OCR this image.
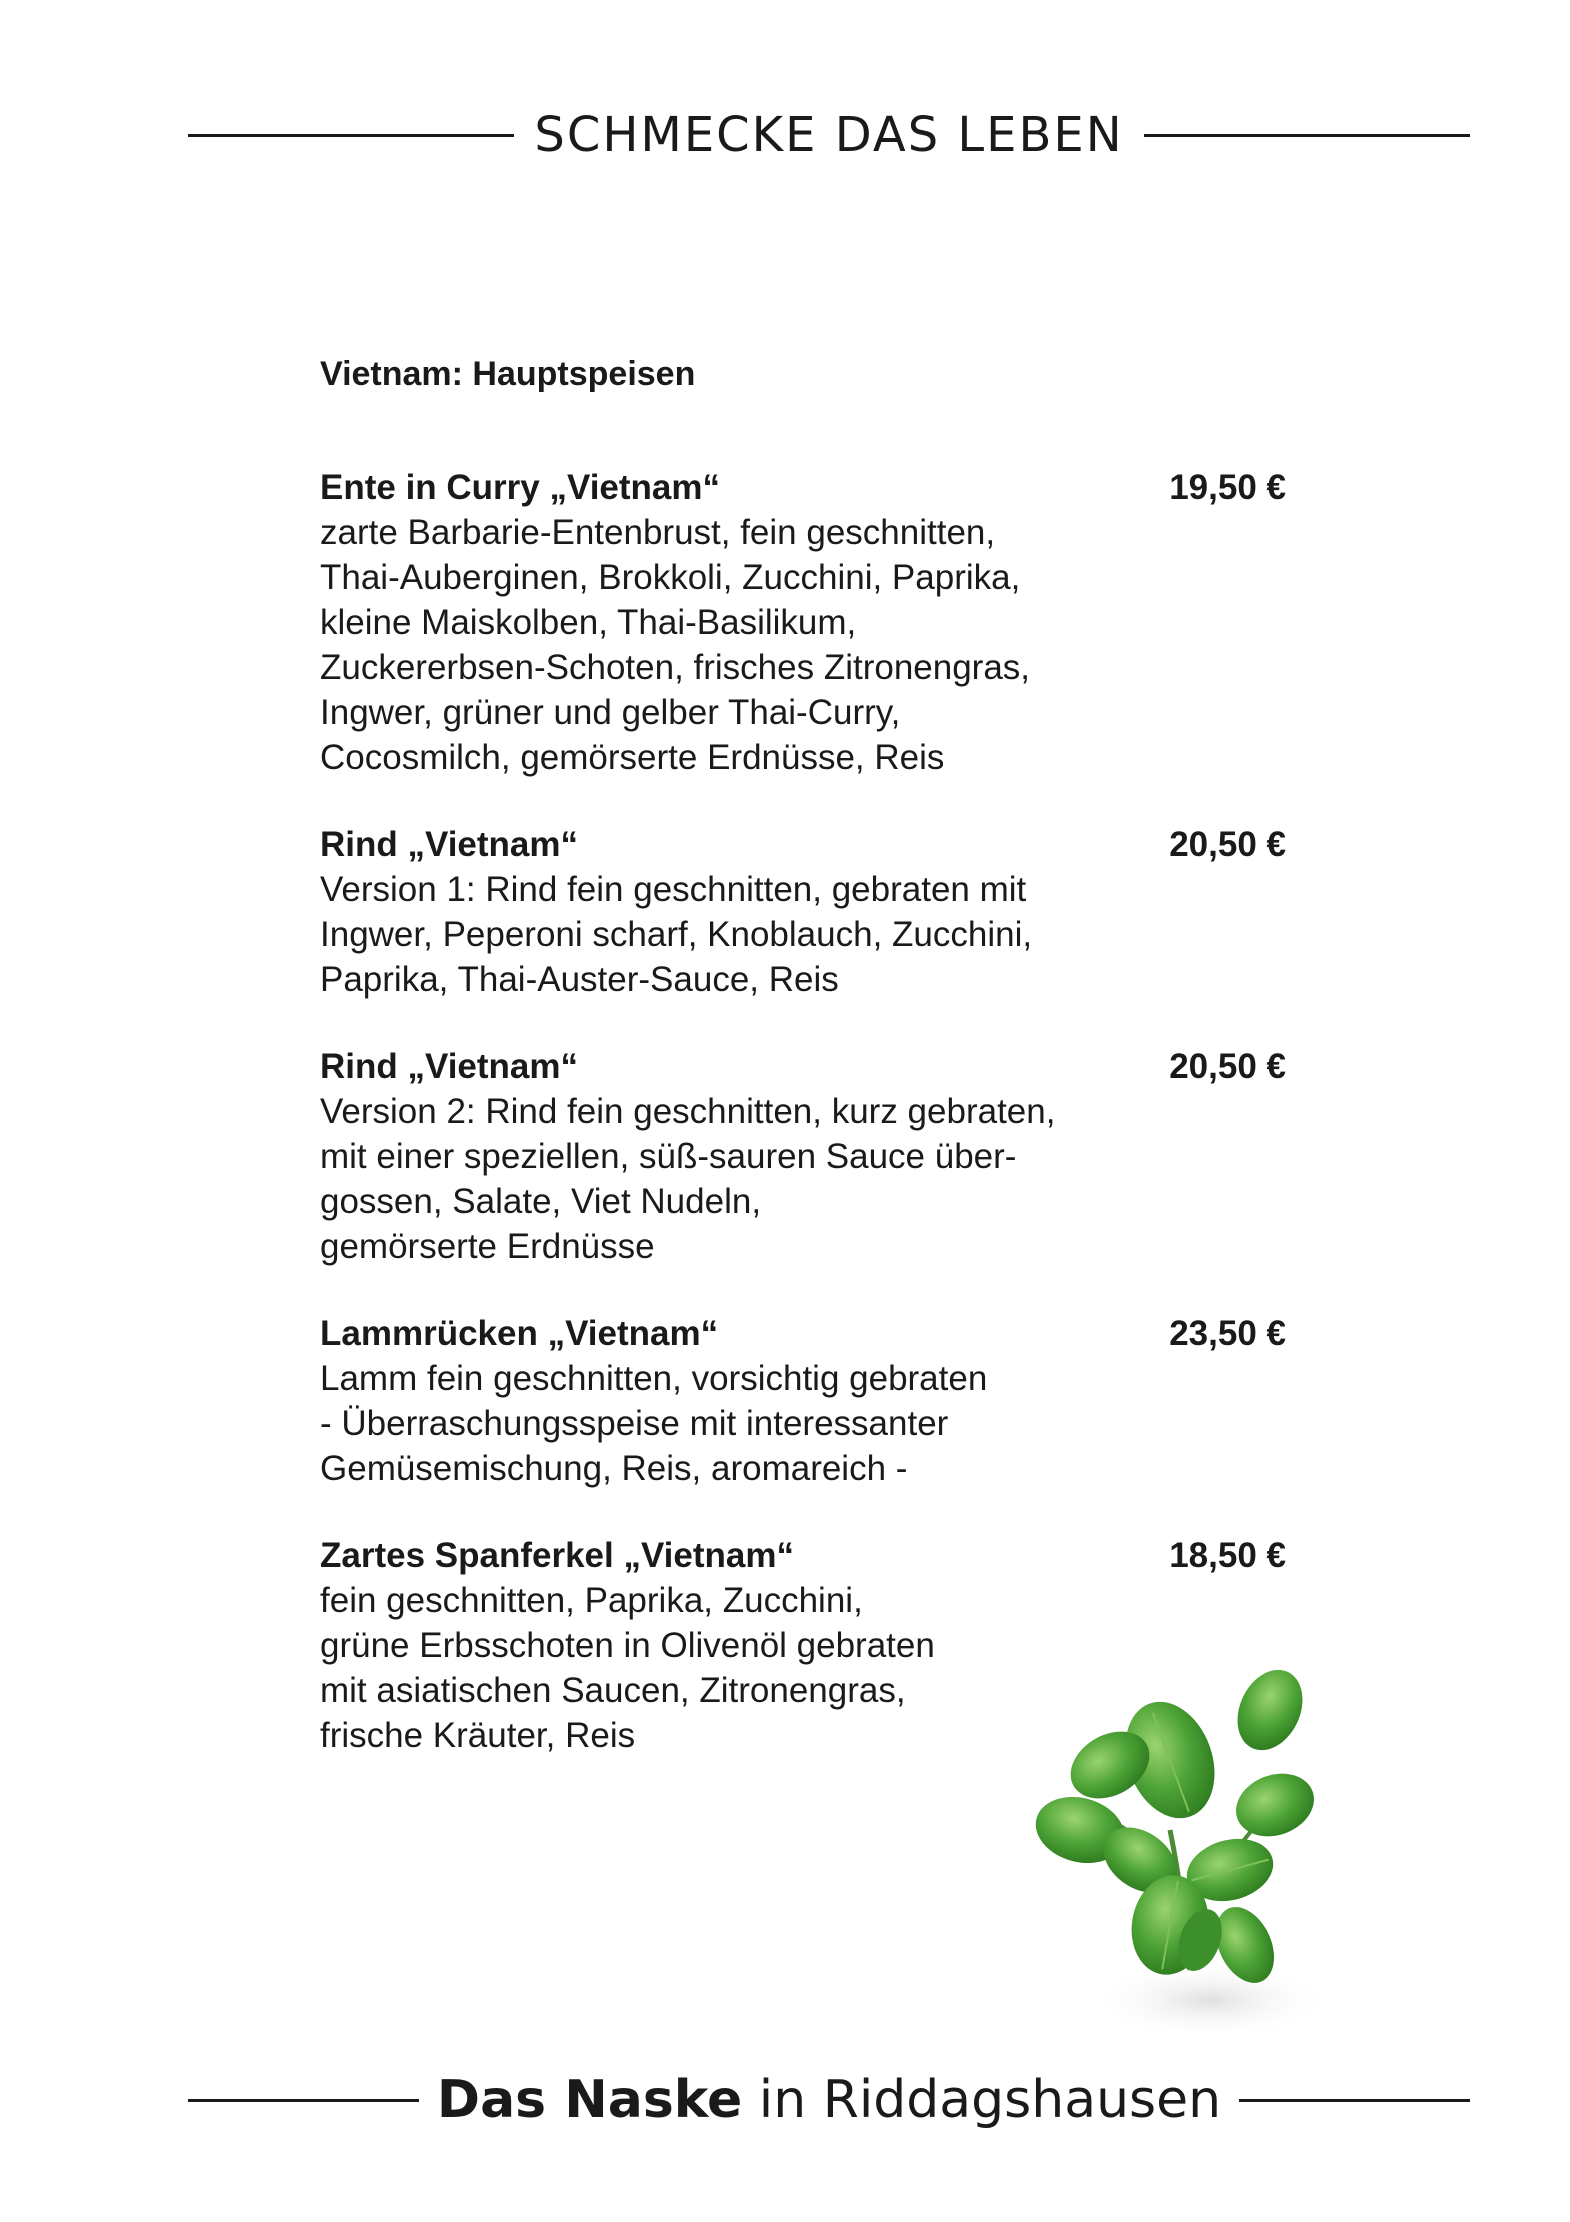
SCHMECKE DAS LEBEN
Vietnam: Hauptspeisen
Ente in Curry „Vietnam“	19,50 €
zarte Barbarie-Entenbrust, fein geschnitten,
Thai-Auberginen, Brokkoli, Zucchini, Paprika,
kleine Maiskolben, Thai-Basilikum,
Zuckererbsen-Schoten, frisches Zitronengras,
Ingwer, grüner und gelber Thai-Curry,
Cocosmilch, gemörserte Erdnüsse, Reis
Rind „Vietnam“	20,50 €
Version 1: Rind fein geschnitten, gebraten mit
Ingwer, Peperoni scharf, Knoblauch, Zucchini,
Paprika, Thai-Auster-Sauce, Reis
Rind „Vietnam“	20,50 €
Version 2: Rind fein geschnitten, kurz gebraten,
mit einer speziellen, süß-sauren Sauce über-
gossen, Salate, Viet Nudeln,
gemörserte Erdnüsse
Lammrücken „Vietnam“	23,50 €
Lamm fein geschnitten, vorsichtig gebraten
- Überraschungsspeise mit interessanter
Gemüsemischung, Reis, aromareich -
Zartes Spanferkel „Vietnam“	18,50 €
fein geschnitten, Paprika, Zucchini,
grüne Erbsschoten in Olivenöl gebraten
mit asiatischen Saucen, Zitronengras,
frische Kräuter, Reis
Das Naske in Riddagshausen
